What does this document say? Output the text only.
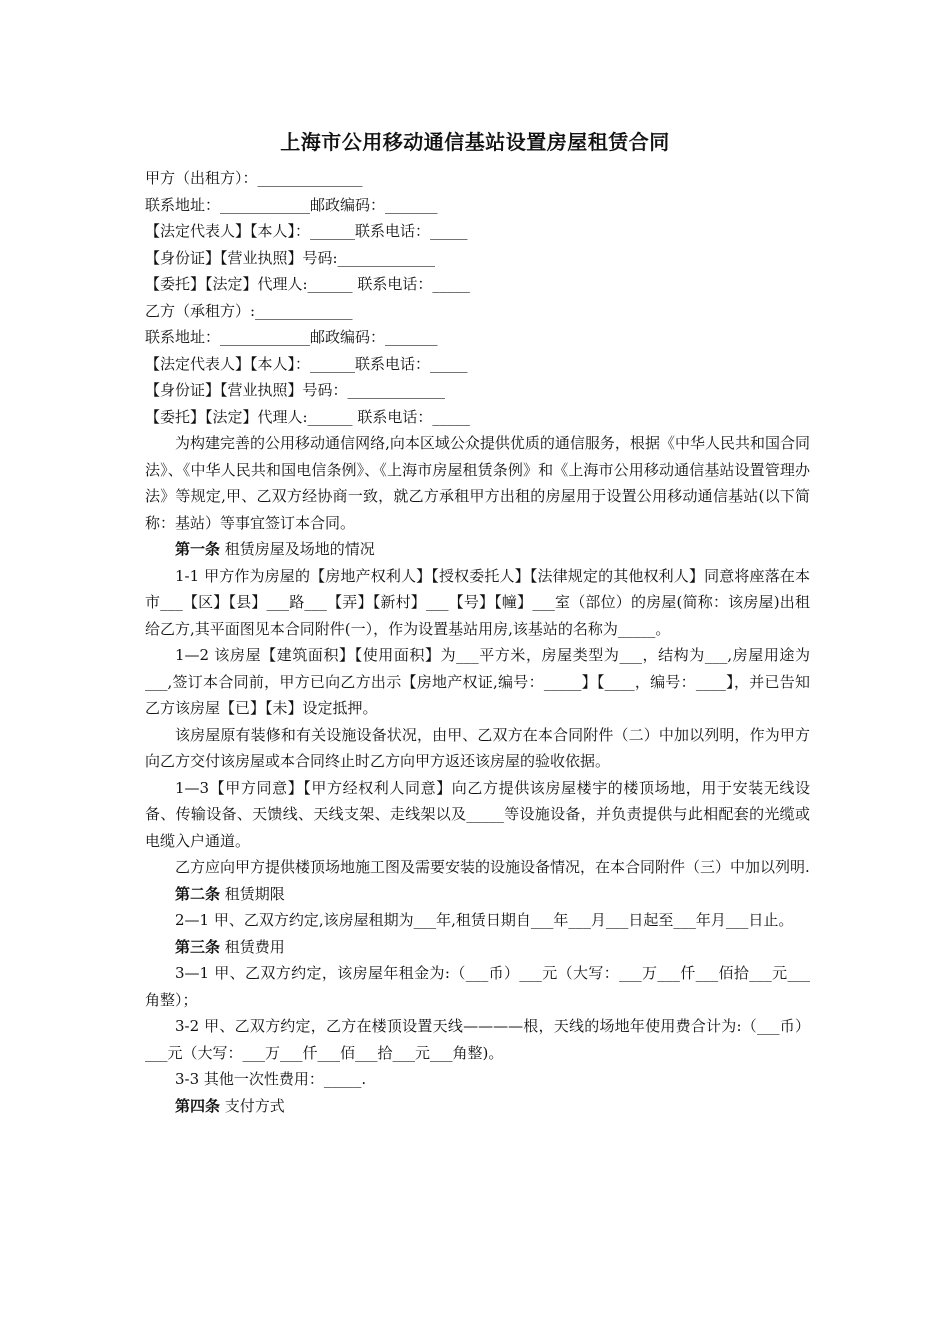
上海市公用移动通信基站设置房屋租赁合同
甲方（出租方）：______________
联系地址：____________邮政编码：_______
【法定代表人】【本人】：______联系电话：_____
【身份证】【营业执照】号码:_____________
【委托】【法定】代理人:______ 联系电话：_____
乙方（承租方）:_____________
联系地址：____________邮政编码：_______
【法定代表人】【本人】：______联系电话：_____
【身份证】【营业执照】号码：_____________
【委托】【法定】代理人:______ 联系电话：_____
为构建完善的公用移动通信网络,向本区域公众提供优质的通信服务，根据《中华人民共和国合同法》、《中华人民共和国电信条例》、《上海市房屋租赁条例》和《上海市公用移动通信基站设置管理办法》等规定,甲、乙双方经协商一致，就乙方承租甲方出租的房屋用于设置公用移动通信基站(以下简称：基站）等事宜签订本合同。
第一条 租赁房屋及场地的情况
1-1 甲方作为房屋的【房地产权利人】【授权委托人】【法律规定的其他权利人】同意将座落在本市___【区】【县】___路___【弄】【新村】___【号】【幢】___室（部位）的房屋(简称：该房屋)出租给乙方,其平面图见本合同附件(一），作为设置基站用房,该基站的名称为_____。
1—2 该房屋【建筑面积】【使用面积】为___平方米，房屋类型为___，结构为___,房屋用途为___,签订本合同前，甲方已向乙方出示【房地产权证,编号：_____】【____，编号：____】，并已告知乙方该房屋【已】【未】设定抵押。
该房屋原有装修和有关设施设备状况，由甲、乙双方在本合同附件（二）中加以列明，作为甲方向乙方交付该房屋或本合同终止时乙方向甲方返还该房屋的验收依据。
1—3【甲方同意】【甲方经权利人同意】向乙方提供该房屋楼宇的楼顶场地，用于安装无线设备、传输设备、天馈线、天线支架、走线架以及_____等设施设备，并负责提供与此相配套的光缆或电缆入户通道。
乙方应向甲方提供楼顶场地施工图及需要安装的设施设备情况，在本合同附件（三）中加以列明.
第二条 租赁期限
2—1 甲、乙双方约定,该房屋租期为___年,租赁日期自___年___月___日起至___年月___日止。
第三条 租赁费用
3—1 甲、乙双方约定，该房屋年租金为:（___币）___元（大写：___万___仟___佰拾___元___角整）；
3-2 甲、乙双方约定，乙方在楼顶设置天线————根，天线的场地年使用费合计为:（___币）___元（大写：___万___仟___佰___拾___元___角整)。
3-3 其他一次性费用：_____.
第四条 支付方式
